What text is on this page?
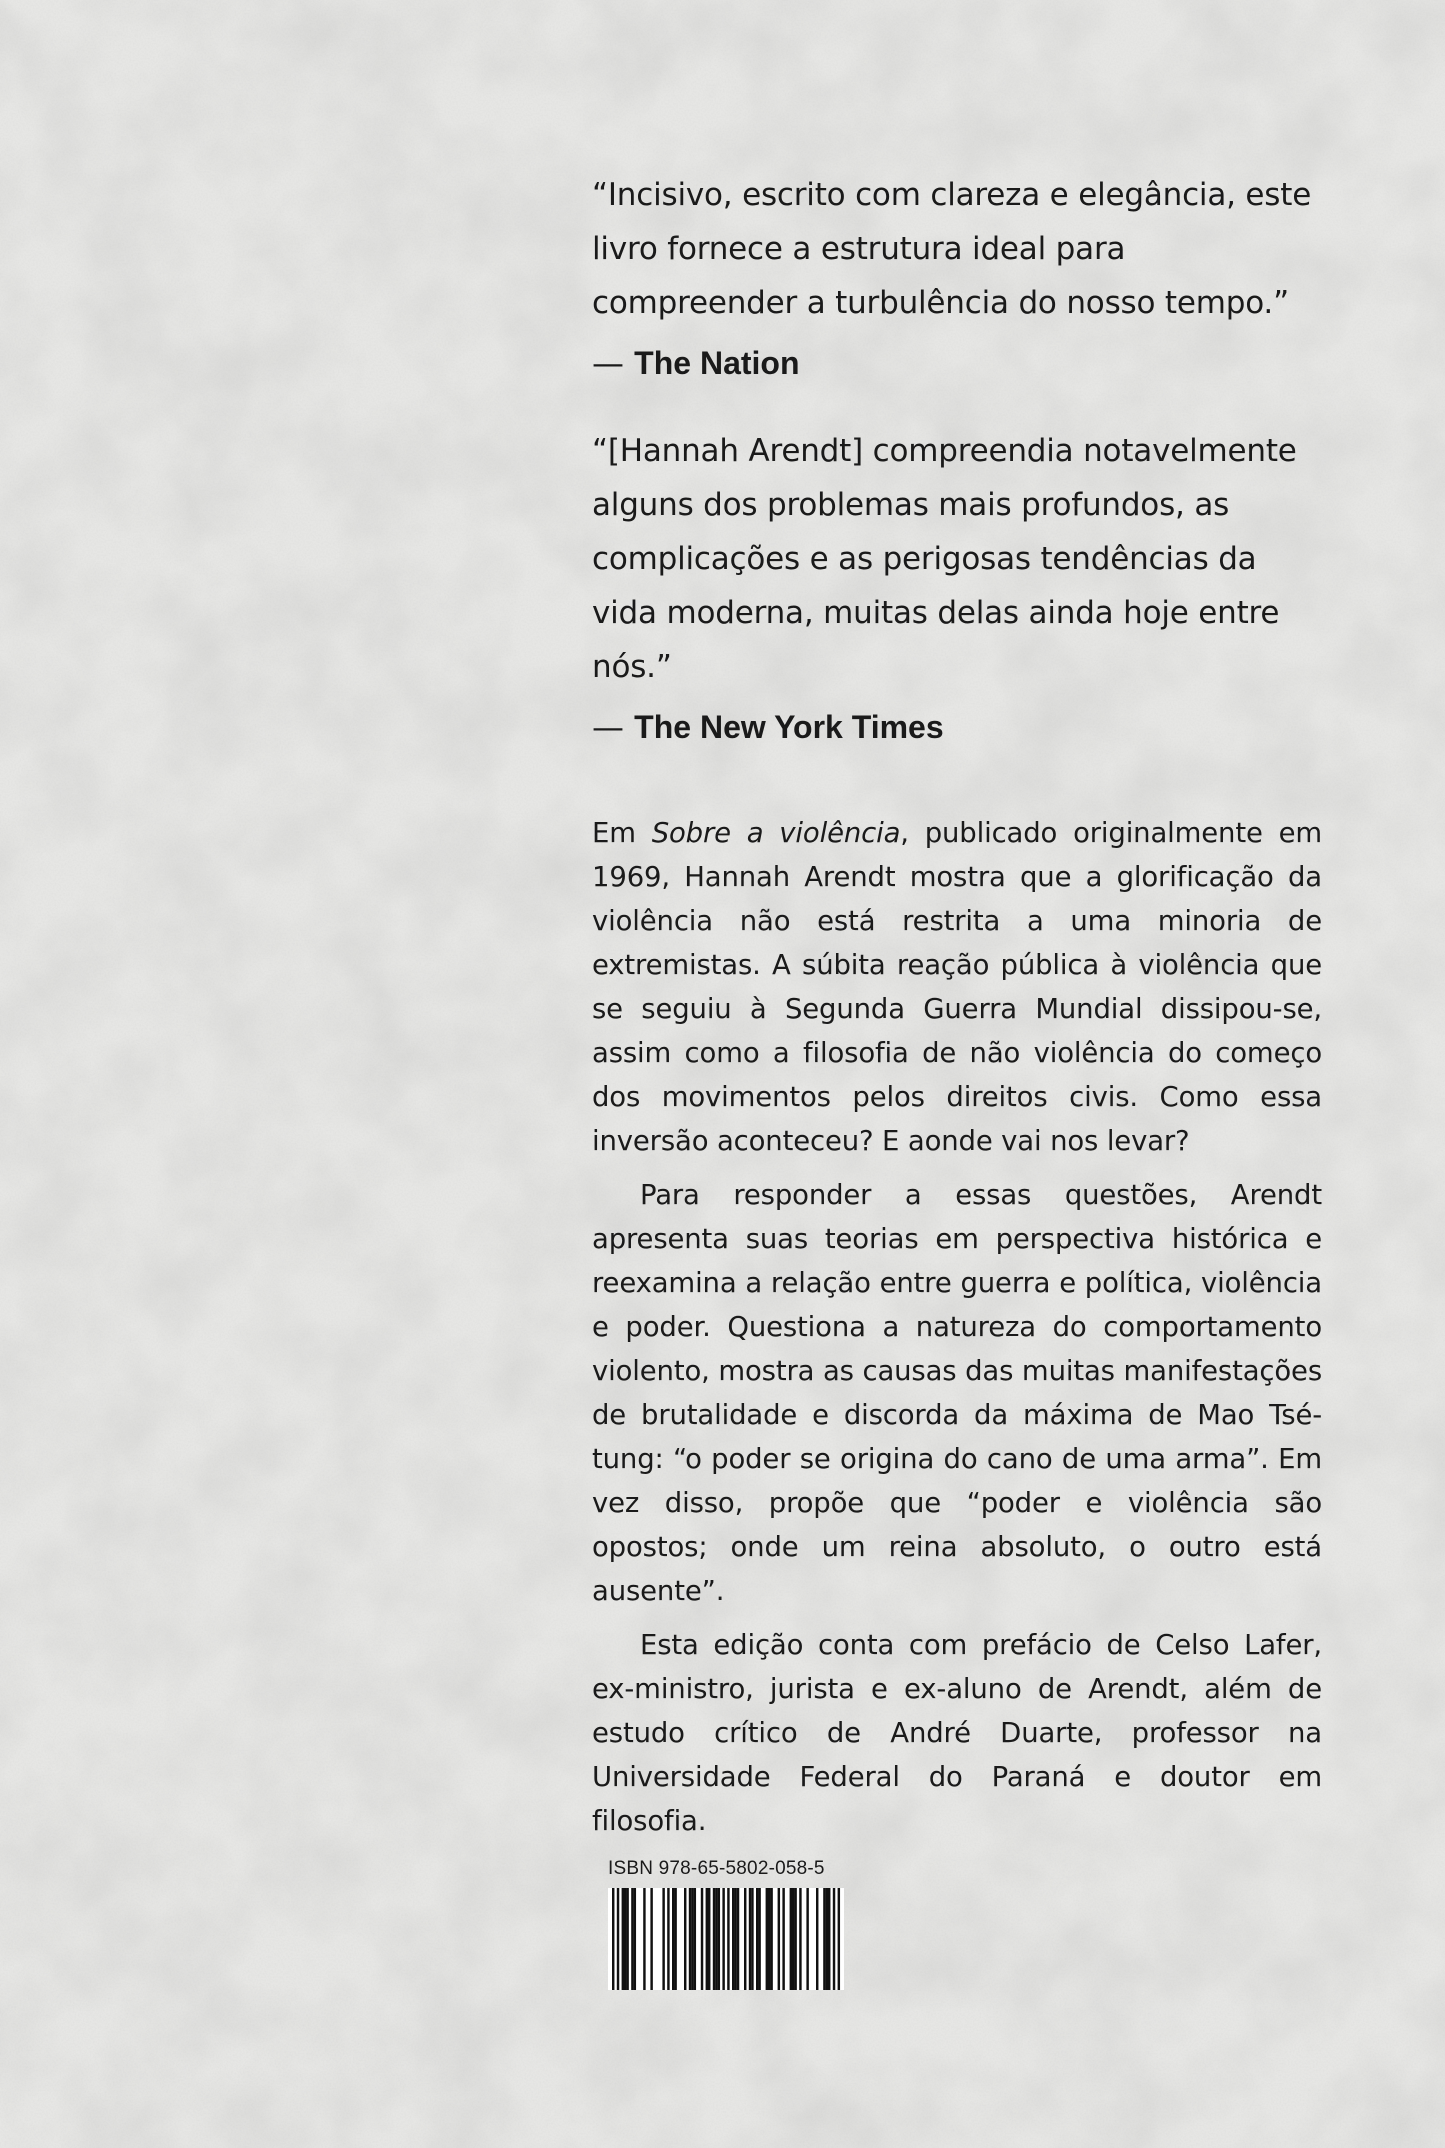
“Incisivo, escrito com clareza e elegância, este livro fornece a estrutura ideal para compreender a turbulência do nosso tempo.”

— The Nation

“[Hannah Arendt] compreendia notavelmente alguns dos problemas mais profundos, as complicações e as perigosas tendências da vida moderna, muitas delas ainda hoje entre nós.”

— The New York Times

Em Sobre a violência, publicado originalmente em 1969, Hannah Arendt mostra que a glorificação da violência não está restrita a uma minoria de extremistas. A súbita reação pública à violência que se seguiu à Segunda Guerra Mundial dissipou-se, assim como a filosofia de não violência do começo dos movimentos pelos direitos civis. Como essa inversão aconteceu? E aonde vai nos levar?

Para responder a essas questões, Arendt apresenta suas teorias em perspectiva histórica e reexamina a relação entre guerra e política, violência e poder. Questiona a natureza do comportamento violento, mostra as causas das muitas manifestações de brutalidade e discorda da máxima de Mao Tsé-tung: “o poder se origina do cano de uma arma”. Em vez disso, propõe que “poder e violência são opostos; onde um reina absoluto, o outro está ausente”.

Esta edição conta com prefácio de Celso Lafer, ex-ministro, jurista e ex-aluno de Arendt, além de estudo crítico de André Duarte, professor na Universidade Federal do Paraná e doutor em filosofia.

ISBN 978-65-5802-058-5
